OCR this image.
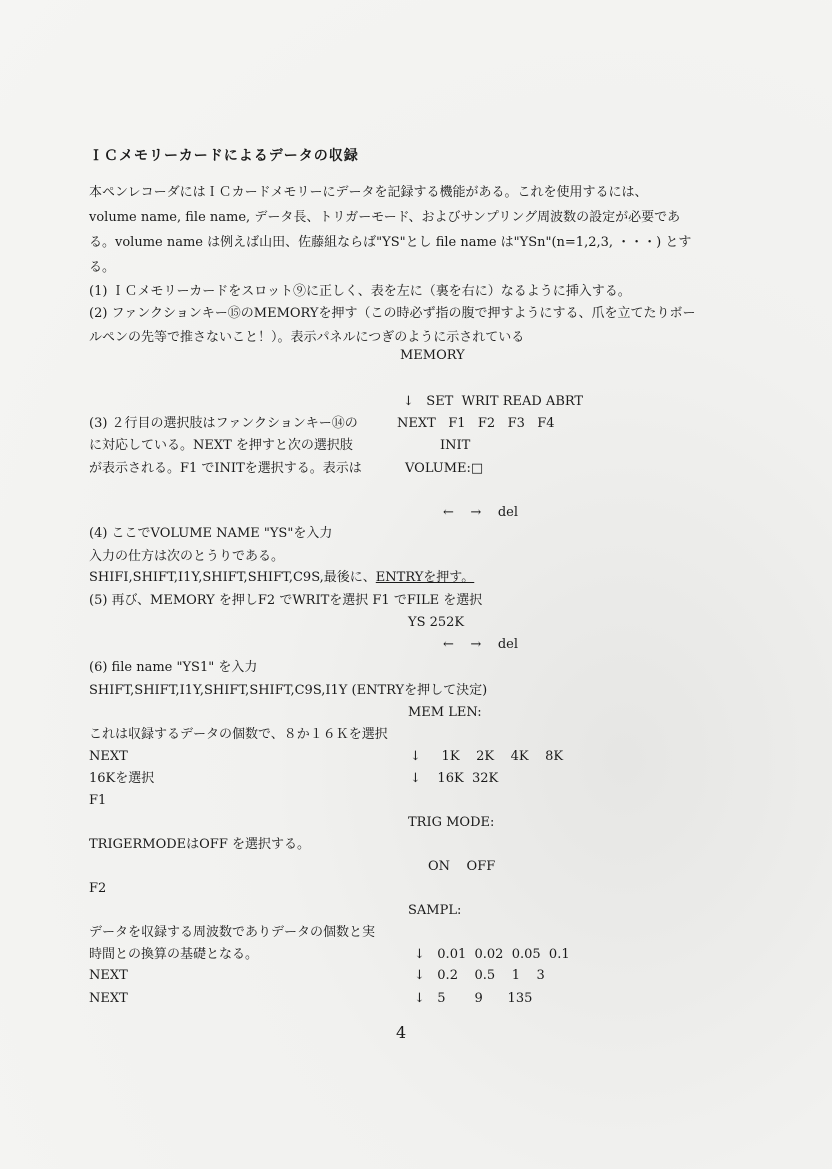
ＩＣメモリーカードによるデータの収録
本ペンレコーダにはＩＣカードメモリーにデータを記録する機能がある。これを使用するには、
volume name, file name, データ長、トリガーモード、およびサンプリング周波数の設定が必要であ
る。volume name は例えば山田、佐藤組ならば"YS"とし file name は"YSn"(n=1,2,3, ・・・) とす
る。
(1) ＩＣメモリーカードをスロット⑨に正しく、表を左に（裏を右に）なるように挿入する。
(2) ファンクションキー⑮のMEMORYを押す（この時必ず指の腹で押すようにする、爪を立てたりボー
ルペンの先等で推さないこと！）。表示パネルにつぎのように示されている
MEMORY
↓   SET  WRIT READ ABRT
(3) ２行目の選択肢はファンクションキー⑭の	NEXT   F1   F2   F3   F4
に対応している。NEXT を押すと次の選択肢	INIT
が表示される。F1 でINITを選択する。表示は	VOLUME:□
←    →    del
(4) ここでVOLUME NAME "YS"を入力
入力の仕方は次のとうりである。
SHIFI,SHIFT,I1Y,SHIFT,SHIFT,C9S,最後に、ENTRYを押す。
(5) 再び、MEMORY を押しF2 でWRITを選択 F1 でFILE を選択
YS 252K
←    →    del
(6) file name "YS1" を入力
SHIFT,SHIFT,I1Y,SHIFT,SHIFT,C9S,I1Y (ENTRYを押して決定)
MEM LEN:
これは収録するデータの個数で、８か１６Ｋを選択
NEXT	↓     1K    2K    4K    8K
16Kを選択	↓    16K  32K
F1
TRIG MODE:
TRIGERMODEはOFF を選択する。
ON    OFF
F2
SAMPL:
データを収録する周波数でありデータの個数と実
時間との換算の基礎となる。	↓   0.01  0.02  0.05  0.1
NEXT	↓   0.2    0.5    1    3
NEXT	↓   5       9      135
4
